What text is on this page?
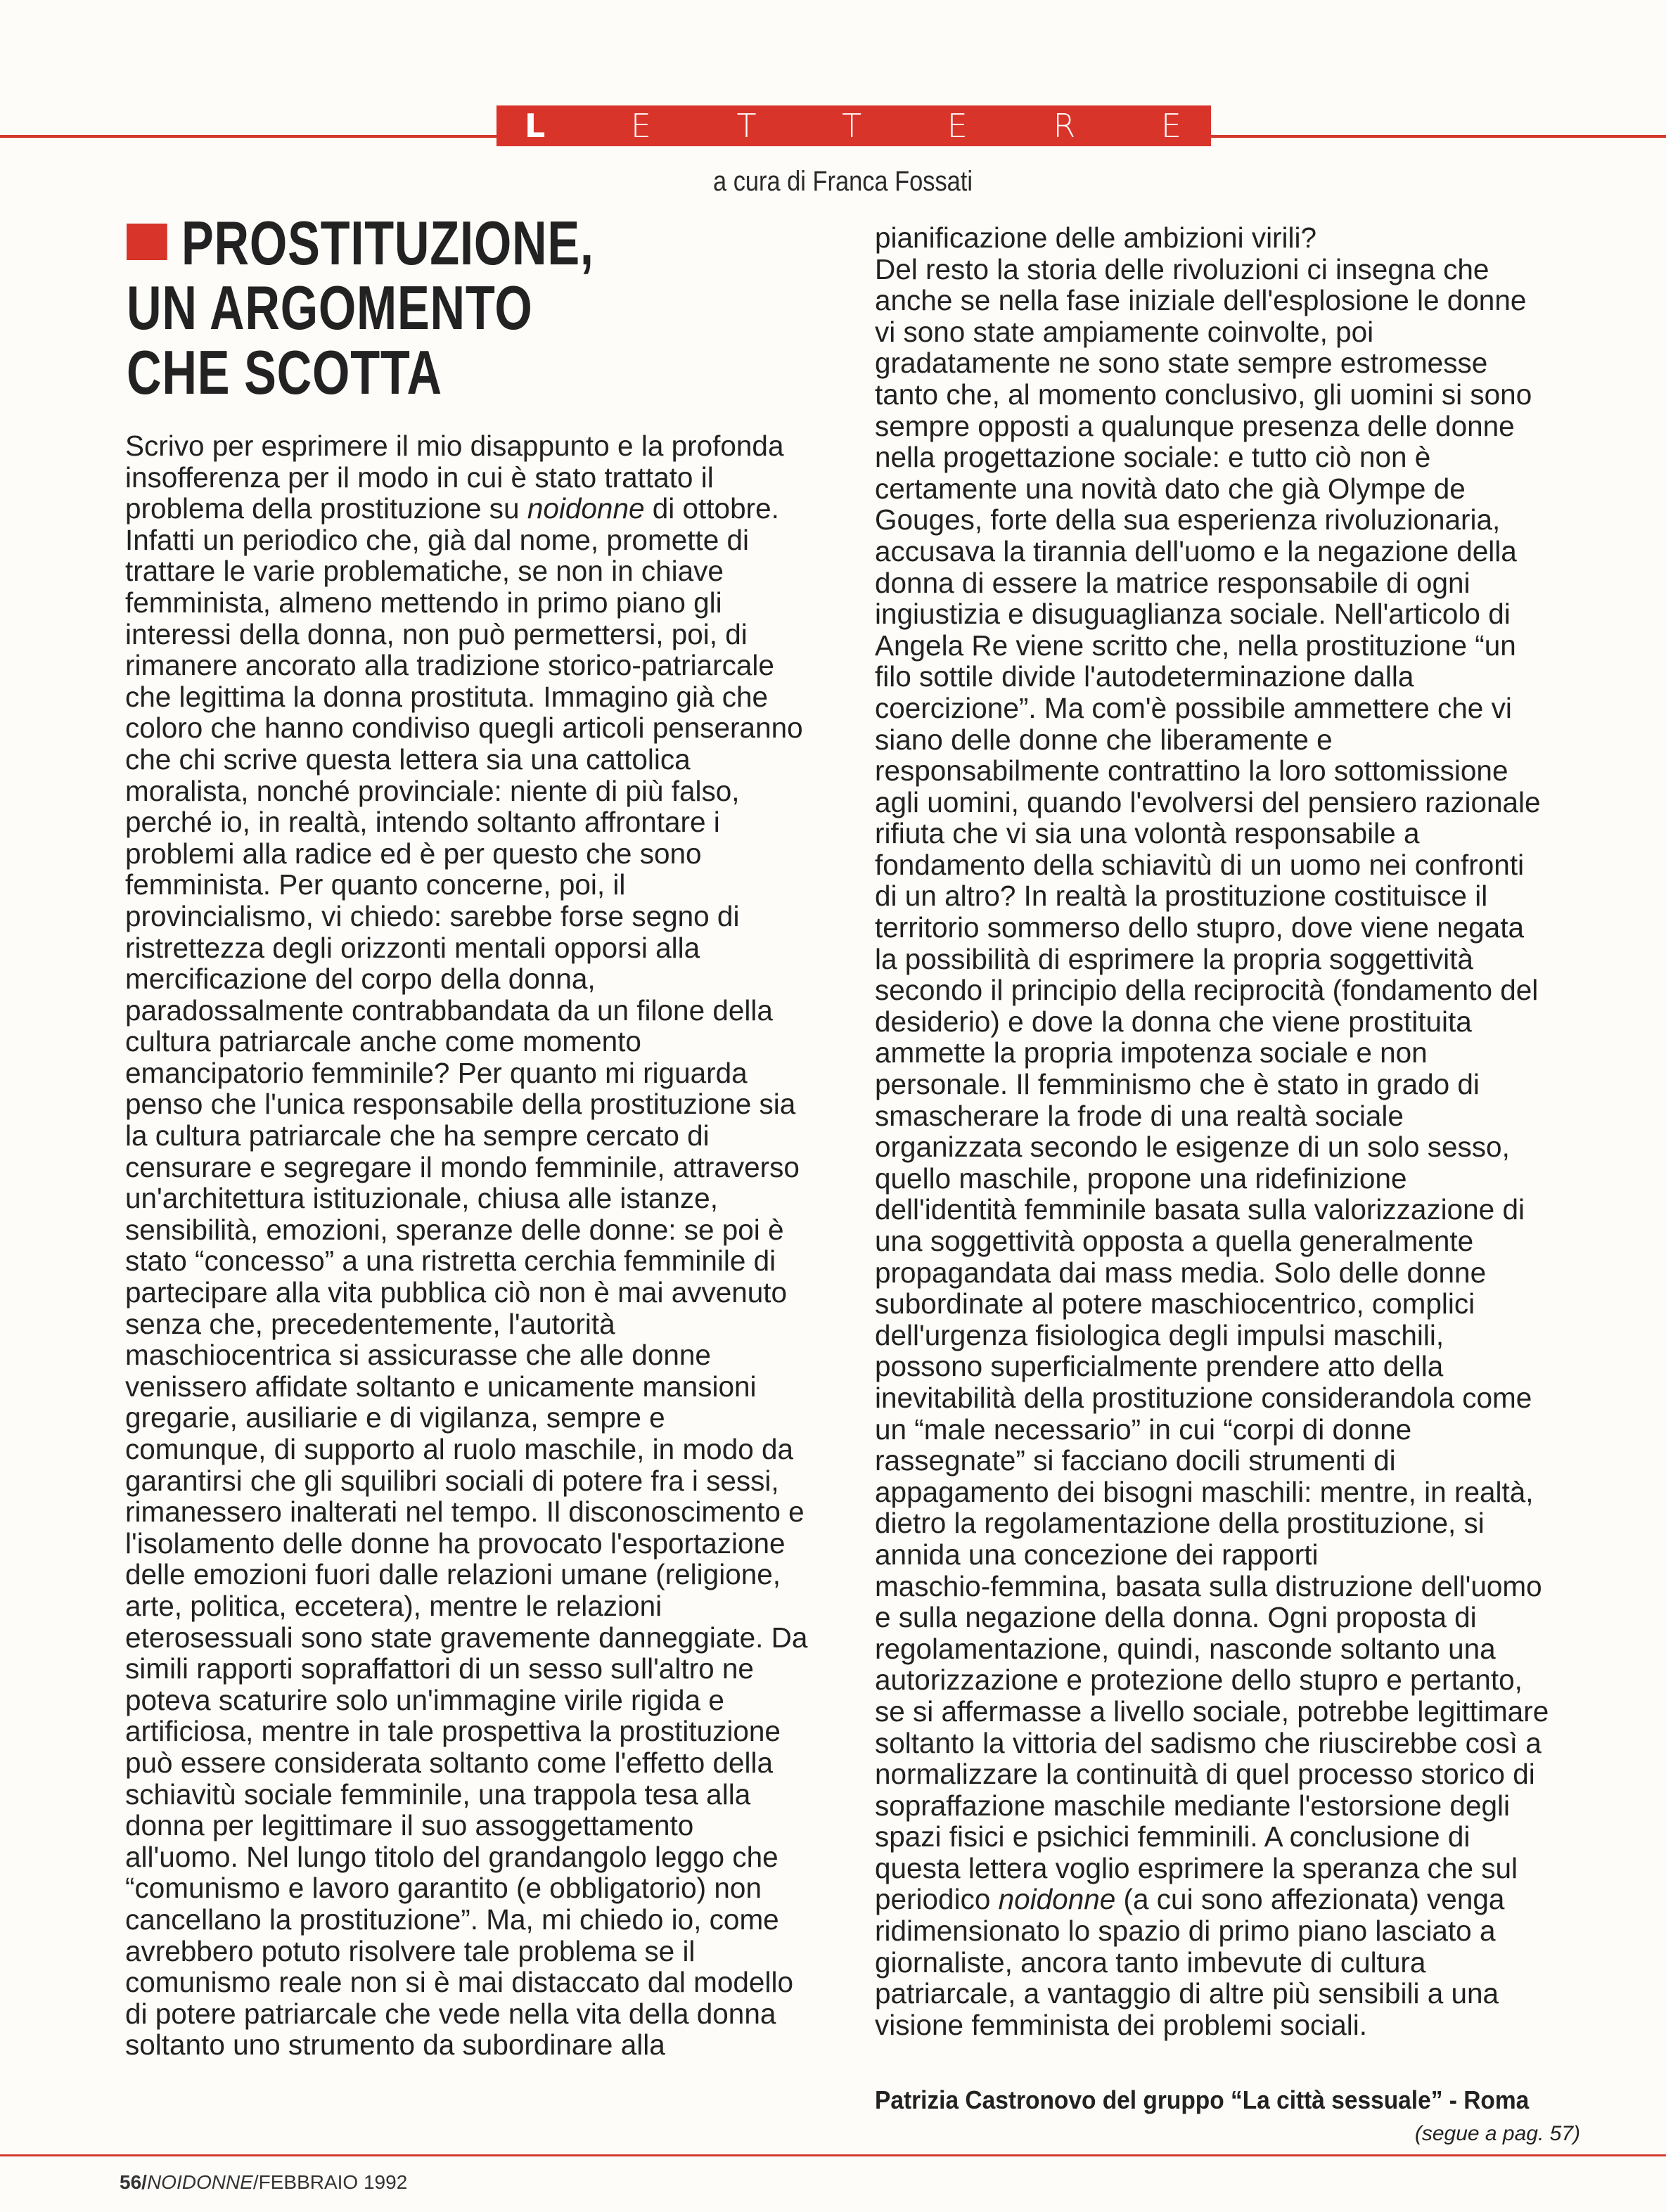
L	E	T	T	E	R	E
a cura di Franca Fossati
PROSTITUZIONE,
UN ARGOMENTO
CHE SCOTTA
Scrivo per esprimere il mio disappunto e la profonda
insofferenza per il modo in cui è stato trattato il
problema della prostituzione su noidonne di ottobre.
Infatti un periodico che, già dal nome, promette di
trattare le varie problematiche, se non in chiave
femminista, almeno mettendo in primo piano gli
interessi della donna, non può permettersi, poi, di
rimanere ancorato alla tradizione storico-patriarcale
che legittima la donna prostituta. Immagino già che
coloro che hanno condiviso quegli articoli penseranno
che chi scrive questa lettera sia una cattolica
moralista, nonché provinciale: niente di più falso,
perché io, in realtà, intendo soltanto affrontare i
problemi alla radice ed è per questo che sono
femminista. Per quanto concerne, poi, il
provincialismo, vi chiedo: sarebbe forse segno di
ristrettezza degli orizzonti mentali opporsi alla
mercificazione del corpo della donna,
paradossalmente contrabbandata da un filone della
cultura patriarcale anche come momento
emancipatorio femminile? Per quanto mi riguarda
penso che l'unica responsabile della prostituzione sia
la cultura patriarcale che ha sempre cercato di
censurare e segregare il mondo femminile, attraverso
un'architettura istituzionale, chiusa alle istanze,
sensibilità, emozioni, speranze delle donne: se poi è
stato “concesso” a una ristretta cerchia femminile di
partecipare alla vita pubblica ciò non è mai avvenuto
senza che, precedentemente, l'autorità
maschiocentrica si assicurasse che alle donne
venissero affidate soltanto e unicamente mansioni
gregarie, ausiliarie e di vigilanza, sempre e
comunque, di supporto al ruolo maschile, in modo da
garantirsi che gli squilibri sociali di potere fra i sessi,
rimanessero inalterati nel tempo. Il disconoscimento e
l'isolamento delle donne ha provocato l'esportazione
delle emozioni fuori dalle relazioni umane (religione,
arte, politica, eccetera), mentre le relazioni
eterosessuali sono state gravemente danneggiate. Da
simili rapporti sopraffattori di un sesso sull'altro ne
poteva scaturire solo un'immagine virile rigida e
artificiosa, mentre in tale prospettiva la prostituzione
può essere considerata soltanto come l'effetto della
schiavitù sociale femminile, una trappola tesa alla
donna per legittimare il suo assoggettamento
all'uomo. Nel lungo titolo del grandangolo leggo che
“comunismo e lavoro garantito (e obbligatorio) non
cancellano la prostituzione”. Ma, mi chiedo io, come
avrebbero potuto risolvere tale problema se il
comunismo reale non si è mai distaccato dal modello
di potere patriarcale che vede nella vita della donna
soltanto uno strumento da subordinare alla
pianificazione delle ambizioni virili?
Del resto la storia delle rivoluzioni ci insegna che
anche se nella fase iniziale dell'esplosione le donne
vi sono state ampiamente coinvolte, poi
gradatamente ne sono state sempre estromesse
tanto che, al momento conclusivo, gli uomini si sono
sempre opposti a qualunque presenza delle donne
nella progettazione sociale: e tutto ciò non è
certamente una novità dato che già Olympe de
Gouges, forte della sua esperienza rivoluzionaria,
accusava la tirannia dell'uomo e la negazione della
donna di essere la matrice responsabile di ogni
ingiustizia e disuguaglianza sociale. Nell'articolo di
Angela Re viene scritto che, nella prostituzione “un
filo sottile divide l'autodeterminazione dalla
coercizione”. Ma com'è possibile ammettere che vi
siano delle donne che liberamente e
responsabilmente contrattino la loro sottomissione
agli uomini, quando l'evolversi del pensiero razionale
rifiuta che vi sia una volontà responsabile a
fondamento della schiavitù di un uomo nei confronti
di un altro? In realtà la prostituzione costituisce il
territorio sommerso dello stupro, dove viene negata
la possibilità di esprimere la propria soggettività
secondo il principio della reciprocità (fondamento del
desiderio) e dove la donna che viene prostituita
ammette la propria impotenza sociale e non
personale. Il femminismo che è stato in grado di
smascherare la frode di una realtà sociale
organizzata secondo le esigenze di un solo sesso,
quello maschile, propone una ridefinizione
dell'identità femminile basata sulla valorizzazione di
una soggettività opposta a quella generalmente
propagandata dai mass media. Solo delle donne
subordinate al potere maschiocentrico, complici
dell'urgenza fisiologica degli impulsi maschili,
possono superficialmente prendere atto della
inevitabilità della prostituzione considerandola come
un “male necessario” in cui “corpi di donne
rassegnate” si facciano docili strumenti di
appagamento dei bisogni maschili: mentre, in realtà,
dietro la regolamentazione della prostituzione, si
annida una concezione dei rapporti
maschio-femmina, basata sulla distruzione dell'uomo
e sulla negazione della donna. Ogni proposta di
regolamentazione, quindi, nasconde soltanto una
autorizzazione e protezione dello stupro e pertanto,
se si affermasse a livello sociale, potrebbe legittimare
soltanto la vittoria del sadismo che riuscirebbe così a
normalizzare la continuità di quel processo storico di
sopraffazione maschile mediante l'estorsione degli
spazi fisici e psichici femminili. A conclusione di
questa lettera voglio esprimere la speranza che sul
periodico noidonne (a cui sono affezionata) venga
ridimensionato lo spazio di primo piano lasciato a
giornaliste, ancora tanto imbevute di cultura
patriarcale, a vantaggio di altre più sensibili a una
visione femminista dei problemi sociali.
Patrizia Castronovo del gruppo “La città sessuale” - Roma
(segue a pag. 57)
56/NOIDONNE/FEBBRAIO 1992
